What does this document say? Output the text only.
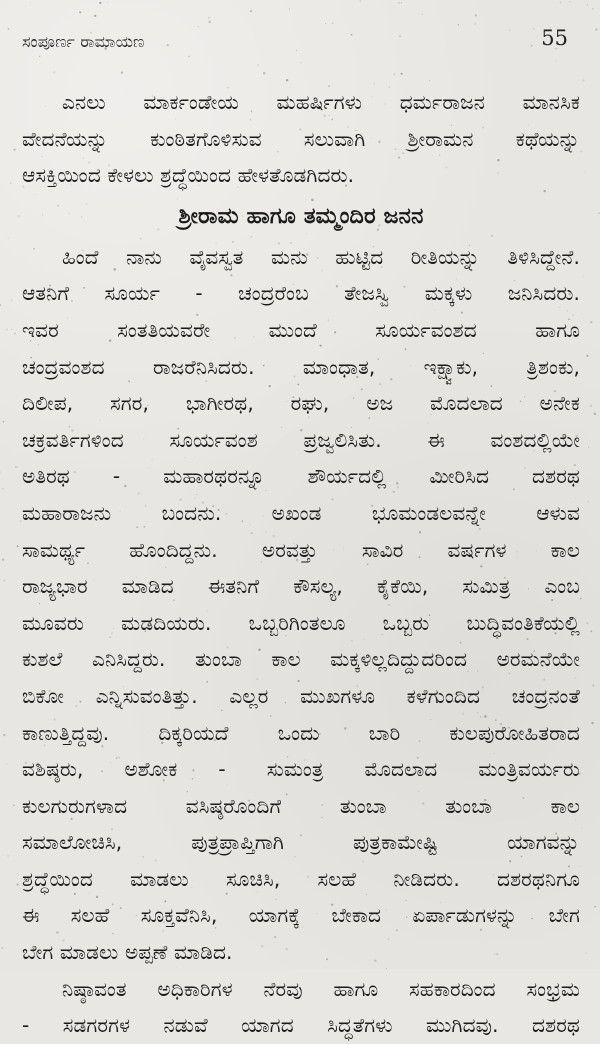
ಸಂಪೂರ್ಣ ರಾಮಾಯಣ	55
ಎನಲು ಮಾರ್ಕಂಡೇಯ ಮಹರ್ಷಿಗಳು ಧರ್ಮರಾಜನ ಮಾನಸಿಕ
ವೇದನೆಯನ್ನು ಕುಂಠಿತಗೊಳಿಸುವ ಸಲುವಾಗಿ ಶ್ರೀರಾಮನ ಕಥೆಯನ್ನು
ಆಸಕ್ತಿಯಿಂದ ಕೇಳಲು ಶ್ರದ್ಧೆಯಿಂದ ಹೇಳತೊಡಗಿದರು.
ಶ್ರೀರಾಮ ಹಾಗೂ ತಮ್ಮಂದಿರ ಜನನ
ಹಿಂದೆ ನಾನು ವೈವಸ್ವತ ಮನು ಹುಟ್ಟಿದ ರೀತಿಯನ್ನು ತಿಳಿಸಿದ್ದೇನೆ.
ಆತನಿಗೆ ಸೂರ್ಯ - ಚಂದ್ರರೆಂಬ ತೇಜಸ್ವಿ ಮಕ್ಕಳು ಜನಿಸಿದರು.
ಇವರ ಸಂತತಿಯವರೇ ಮುಂದೆ ಸೂರ್ಯವಂಶದ ಹಾಗೂ
ಚಂದ್ರವಂಶದ ರಾಜರೆನಿಸಿದರು. ಮಾಂಧಾತ, ಇಕ್ಷ್ವಾಕು, ತ್ರಿಶಂಕು,
ದಿಲೀಪ, ಸಗರ, ಭಾಗೀರಥ, ರಘು, ಅಜ ಮೊದಲಾದ ಅನೇಕ
ಚಕ್ರವರ್ತಿಗಳಿಂದ ಸೂರ್ಯವಂಶ ಪ್ರಜ್ವಲಿಸಿತು. ಈ ವಂಶದಲ್ಲಿಯೇ
ಅತಿರಥ - ಮಹಾರಥರನ್ನೂ ಶೌರ್ಯದಲ್ಲಿ ಮೀರಿಸಿದ ದಶರಥ
ಮಹಾರಾಜನು ಬಂದನು. ಅಖಂಡ ಭೂಮಂಡಲವನ್ನೇ ಆಳುವ
ಸಾಮರ್ಥ್ಯ ಹೊಂದಿದ್ದನು. ಅರವತ್ತು ಸಾವಿರ ವರ್ಷಗಳ ಕಾಲ
ರಾಜ್ಯಭಾರ ಮಾಡಿದ ಈತನಿಗೆ ಕೌಸಲ್ಯ, ಕೈಕೆಯಿ, ಸುಮಿತ್ರ ಎಂಬ
ಮೂವರು ಮಡದಿಯರು. ಒಬ್ಬರಿಗಿಂತಲೂ ಒಬ್ಬರು ಬುದ್ಧಿವಂತಿಕೆಯಲ್ಲಿ
ಕುಶಲೆ ಎನಿಸಿದ್ದರು. ತುಂಬಾ ಕಾಲ ಮಕ್ಕಳಿಲ್ಲದಿದ್ದುದರಿಂದ ಅರಮನೆಯೇ
ಬಿಕೋ ಎನ್ನಿಸುವಂತಿತ್ತು. ಎಲ್ಲರ ಮುಖಗಳೂ ಕಳೆಗುಂದಿದ ಚಂದ್ರನಂತೆ
ಕಾಣುತ್ತಿದ್ದವು. ದಿಕ್ಕರಿಯದೆ ಒಂದು ಬಾರಿ ಕುಲಪುರೋಹಿತರಾದ
ವಶಿಷ್ಠರು, ಅಶೋಕ - ಸುಮಂತ್ರ ಮೊದಲಾದ ಮಂತ್ರಿವರ್ಯರು
ಕುಲಗುರುಗಳಾದ ವಸಿಷ್ಠರೊಂದಿಗೆ ತುಂಬಾ ತುಂಬಾ ಕಾಲ
ಸಮಾಲೋಚಿಸಿ, ಪುತ್ರಪ್ರಾಪ್ತಿಗಾಗಿ ಪುತ್ರಕಾಮೇಷ್ಟಿ ಯಾಗವನ್ನು
ಶ್ರದ್ಧೆಯಿಂದ ಮಾಡಲು ಸೂಚಿಸಿ, ಸಲಹೆ ನೀಡಿದರು. ದಶರಥನಿಗೂ
ಈ ಸಲಹೆ ಸೂಕ್ತವೆನಿಸಿ, ಯಾಗಕ್ಕೆ ಬೇಕಾದ ಏರ್ಪಾಡುಗಳನ್ನು ಬೇಗ
ಬೇಗ ಮಾಡಲು ಅಪ್ಪಣೆ ಮಾಡಿದ.
ನಿಷ್ಠಾವಂತ ಅಧಿಕಾರಿಗಳ ನೆರವು ಹಾಗೂ ಸಹಕಾರದಿಂದ ಸಂಭ್ರಮ
- ಸಡಗರಗಳ ನಡುವೆ ಯಾಗದ ಸಿದ್ಧತೆಗಳು ಮುಗಿದವು. ದಶರಥ
